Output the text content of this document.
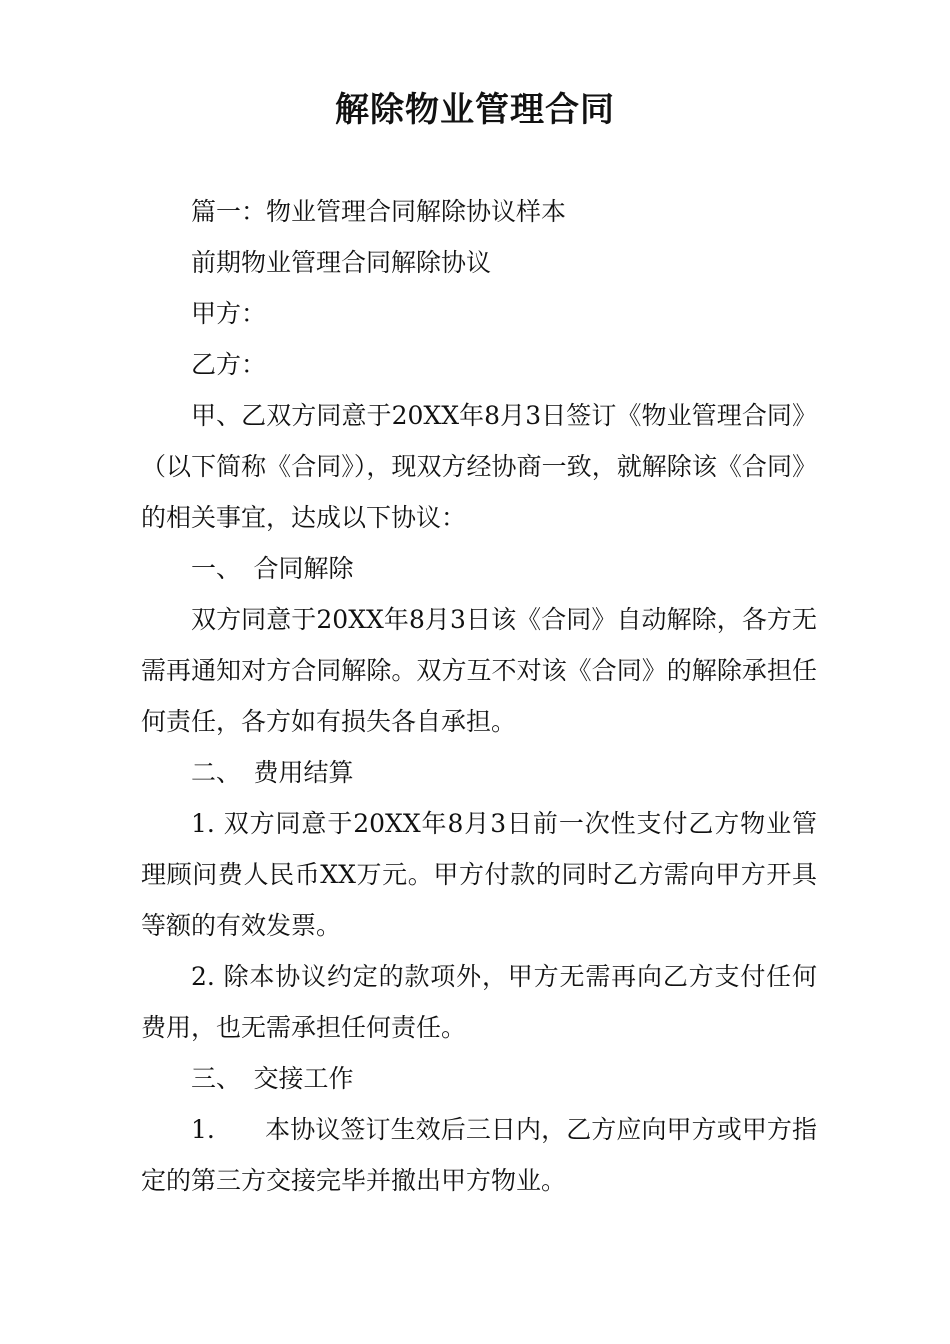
解除物业管理合同

篇一：物业管理合同解除协议样本

前期物业管理合同解除协议

甲方：

乙方：

甲、乙双方同意于20XX年8月3日签订《物业管理合同》（以下简称《合同》），现双方经协商一致，就解除该《合同》的相关事宜，达成以下协议：

一、　合同解除

双方同意于20XX年8月3日该《合同》自动解除，各方无需再通知对方合同解除。双方互不对该《合同》的解除承担任何责任，各方如有损失各自承担。

二、　费用结算

1. 双方同意于20XX年8月3日前一次性支付乙方物业管理顾问费人民币XX万元。甲方付款的同时乙方需向甲方开具等额的有效发票。

2. 除本协议约定的款项外，甲方无需再向乙方支付任何费用，也无需承担任何责任。

三、　交接工作

1.　　本协议签订生效后三日内，乙方应向甲方或甲方指定的第三方交接完毕并撤出甲方物业。
